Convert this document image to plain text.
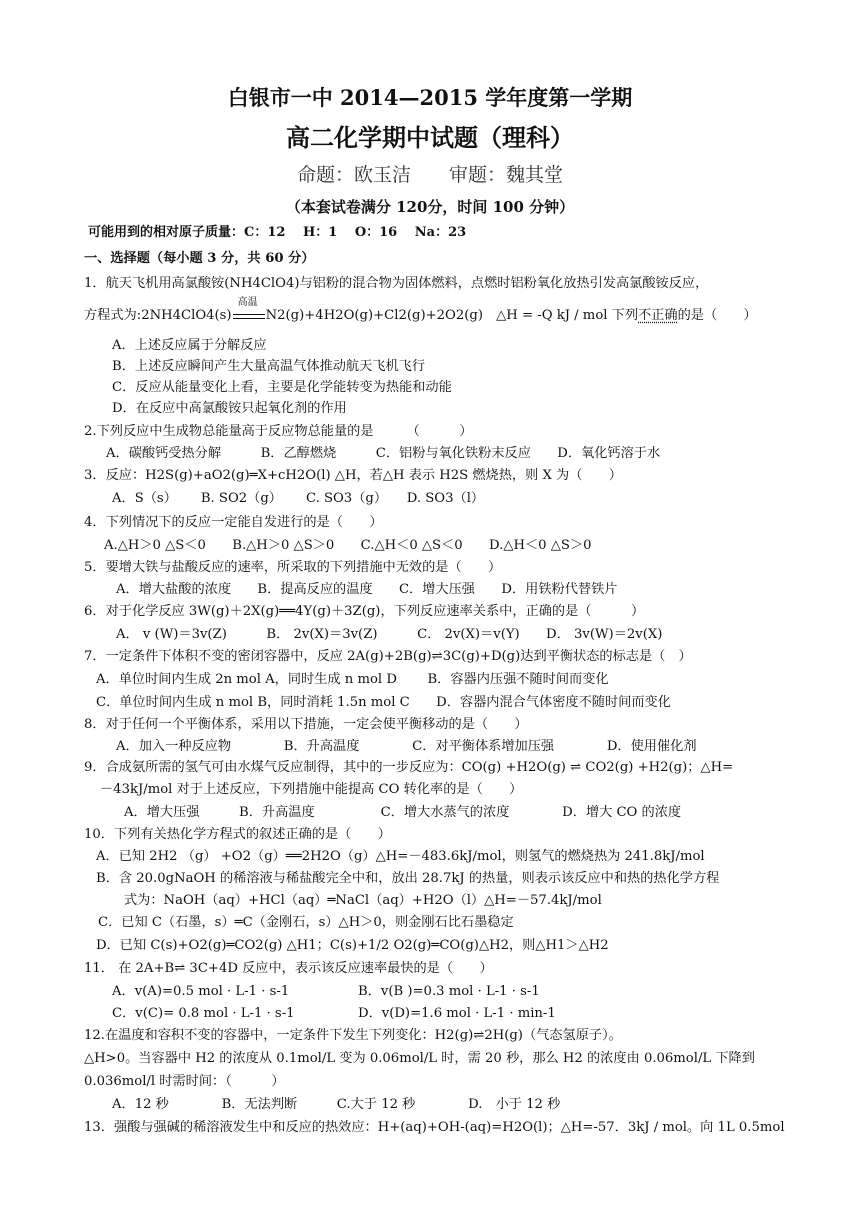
白银市一中 2014—2015 学年度第一学期
高二化学期中试题（理科）
命题：欧玉洁　　审题：魏其堂
（本套试卷满分 120分，时间 100 分钟）
可能用到的相对原子质量：C：12　 H：1　 O：16　 Na：23
一、选择题（每小题 3 分，共 60 分）
1．航天飞机用高氯酸铵(NH4ClO4)与铝粉的混合物为固体燃料，点燃时铝粉氧化放热引发高氯酸铵反应，
方程式为:2NH4ClO4(s)
高温
N2(g)+4H2O(g)+Cl2(g)+2O2(g)　△H = -Q kJ / mol 下列不正确的是（　　）
A．上述反应属于分解反应
B．上述反应瞬间产生大量高温气体推动航天飞机飞行
C．反应从能量变化上看，主要是化学能转变为热能和动能
D．在反应中高氯酸铵只起氧化剂的作用
2.下列反应中生成物总能量高于反应物总能量的是　　　（　　　）
A．碳酸钙受热分解　　　B．乙醇燃烧　　　C．铝粉与氧化铁粉末反应　　D．氧化钙溶于水
3．反应：H2S(g)+aO2(g)═X+cH2O(l) △H，若△H 表示 H2S 燃烧热，则 X 为（　　）
A．S（s）　　 B. SO2（g）　　 C. SO3（g）　　D. SO3（l）
4．下列情况下的反应一定能自发进行的是（　　）
A.△H＞0 △S＜0　　B.△H＞0 △S＞0　　C.△H＜0 △S＜0　　D.△H＜0 △S＞0
5．要增大铁与盐酸反应的速率，所采取的下列措施中无效的是（　　）
A．增大盐酸的浓度　　B．提高反应的温度　　C．增大压强　　D．用铁粉代替铁片
6．对于化学反应 3W(g)＋2X(g)══4Y(g)＋3Z(g)，下列反应速率关系中，正确的是（　　　）
A． v (W)＝3v(Z)　　　B． 2v(X)＝3v(Z)　　　C． 2v(X)＝v(Y)　　D． 3v(W)＝2v(X)
7．一定条件下体积不变的密闭容器中，反应 2A(g)+2B(g)⇌3C(g)+D(g)达到平衡状态的标志是（　）
A．单位时间内生成 2n mol A，同时生成 n mol D　　 B．容器内压强不随时间而变化
C．单位时间内生成 n mol B，同时消耗 1.5n mol C　　D．容器内混合气体密度不随时间而变化
8．对于任何一个平衡体系，采用以下措施，一定会使平衡移动的是（　　）
A．加入一种反应物　　　　B．升高温度　　　　C．对平衡体系增加压强　　　　D．使用催化剂
9．合成氨所需的氢气可由水煤气反应制得，其中的一步反应为：CO(g) +H2O(g) ⇌ CO2(g) +H2(g)；△H=
－43kJ/mol 对于上述反应，下列措施中能提高 CO 转化率的是（　　）
A．增大压强　　　B．升高温度　　　　　C．增大水蒸气的浓度　　　　D．增大 CO 的浓度
10．下列有关热化学方程式的叙述正确的是（　　）
A．已知 2H2 （g） +O2（g）══2H2O（g）△H=－483.6kJ/mol，则氢气的燃烧热为 241.8kJ/mol
B．含 20.0gNaOH 的稀溶液与稀盐酸完全中和，放出 28.7kJ 的热量，则表示该反应中和热的热化学方程
式为：NaOH（aq）+HCl（aq）═NaCl（aq）+H2O（l）△H=－57.4kJ/mol
C．已知 C（石墨，s）═C（金刚石，s）△H＞0，则金刚石比石墨稳定
D．已知 C(s)+O2(g)═CO2(g) △H1；C(s)+1/2 O2(g)═CO(g)△H2，则△H1＞△H2
11． 在 2A+B⇌ 3C+4D 反应中，表示该反应速率最快的是（　　）
A．v(A)=0.5 mol · L-1 · s-1	B．v(B )=0.3 mol · L-1 · s-1
C．v(C)= 0.8 mol · L-1 · s-1	D．v(D)=1.6 mol · L-1 · min-1
12.在温度和容积不变的容器中，一定条件下发生下列变化：H2(g)⇌2H(g)（气态氢原子）。
△H>0。当容器中 H2 的浓度从 0.1mol/L 变为 0.06mol/L 时，需 20 秒，那么 H2 的浓度由 0.06mol/L 下降到
0.036mol/l 时需时间：（　　　）
A．12 秒　　　　B．无法判断　　　C.大于 12 秒　　　　D.　小于 12 秒
13．强酸与强碱的稀溶液发生中和反应的热效应：H+(aq)+OH-(aq)=H2O(l)；△H=-57．3kJ / mol。向 1L 0.5mol
